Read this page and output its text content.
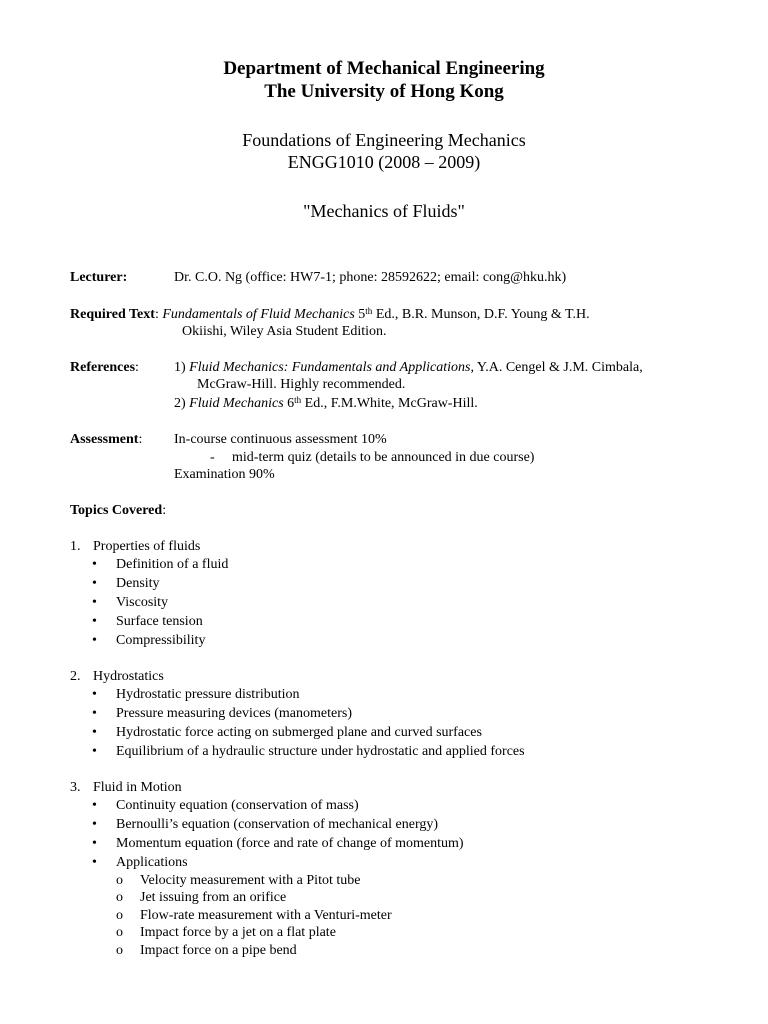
Department of Mechanical Engineering
The University of Hong Kong
Foundations of Engineering Mechanics
ENGG1010 (2008 – 2009)
"Mechanics of Fluids"
Lecturer:	Dr. C.O. Ng (office: HW7-1; phone: 28592622; email: cong@hku.hk)
Required Text: Fundamentals of Fluid Mechanics 5th Ed., B.R. Munson, D.F. Young & T.H.
Okiishi, Wiley Asia Student Edition.
References:	1) Fluid Mechanics: Fundamentals and Applications, Y.A. Cengel & J.M. Cimbala,
McGraw-Hill. Highly recommended.
2) Fluid Mechanics 6th Ed., F.M.White, McGraw-Hill.
Assessment: In-course continuous assessment 10%
- mid-term quiz (details to be announced in due course)
Examination 90%
Topics Covered:
1. Properties of fluids
• Definition of a fluid
• Density
• Viscosity
• Surface tension
• Compressibility
2. Hydrostatics
• Hydrostatic pressure distribution
• Pressure measuring devices (manometers)
• Hydrostatic force acting on submerged plane and curved surfaces
• Equilibrium of a hydraulic structure under hydrostatic and applied forces
3. Fluid in Motion
• Continuity equation (conservation of mass)
• Bernoulli’s equation (conservation of mechanical energy)
• Momentum equation (force and rate of change of momentum)
• Applications
o Velocity measurement with a Pitot tube
o Jet issuing from an orifice
o Flow-rate measurement with a Venturi-meter
o Impact force by a jet on a flat plate
o Impact force on a pipe bend
